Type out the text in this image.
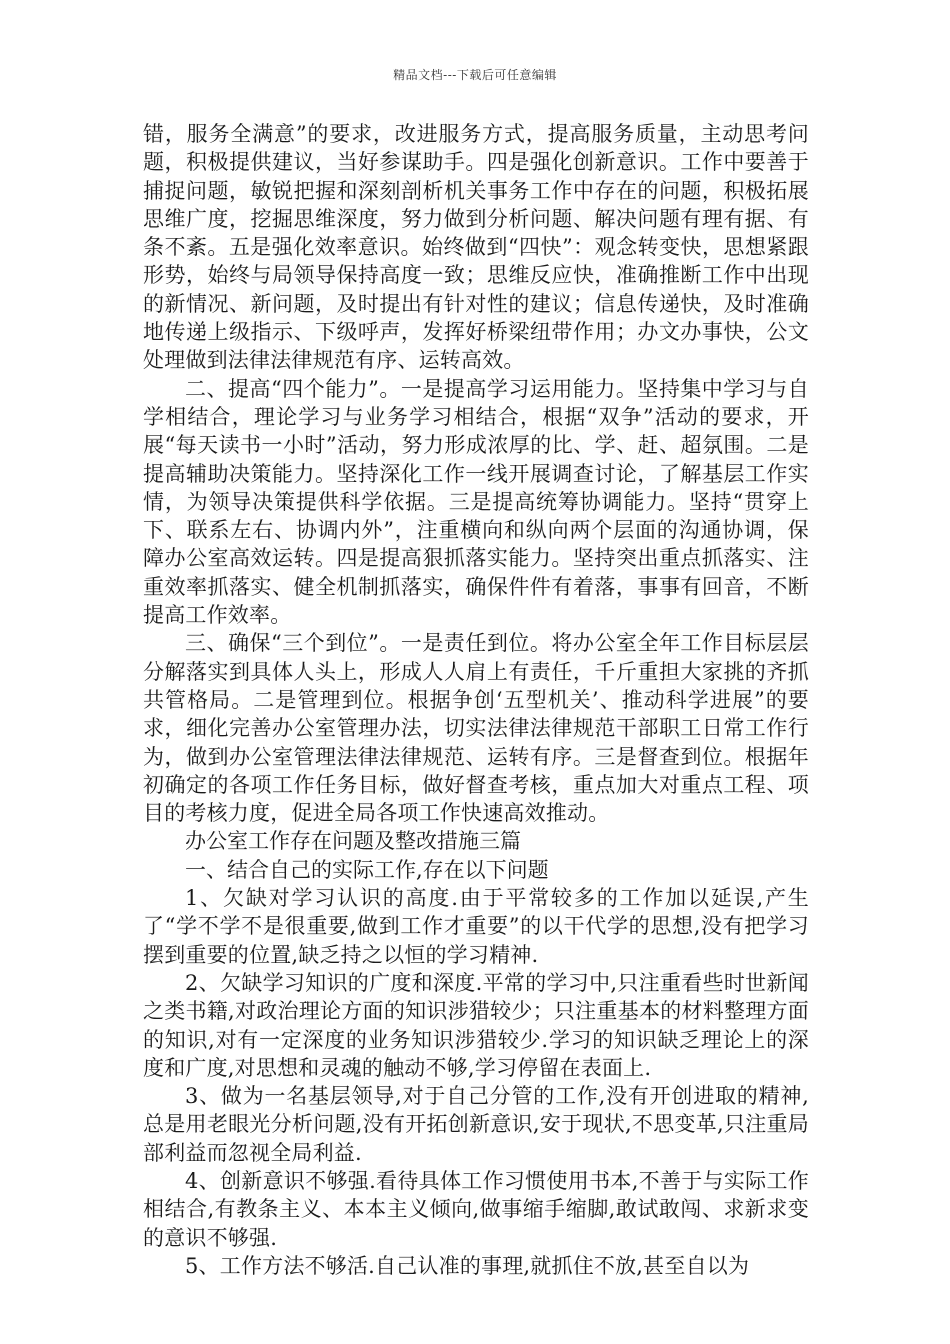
精品文档---下载后可任意编辑

错，服务全满意”的要求，改进服务方式，提高服务质量，主动思考问题，积极提供建议，当好参谋助手。四是强化创新意识。工作中要善于捕捉问题，敏锐把握和深刻剖析机关事务工作中存在的问题，积极拓展思维广度，挖掘思维深度，努力做到分析问题、解决问题有理有据、有条不紊。五是强化效率意识。始终做到“四快”：观念转变快，思想紧跟形势，始终与局领导保持高度一致；思维反应快，准确推断工作中出现的新情况、新问题，及时提出有针对性的建议；信息传递快，及时准确地传递上级指示、下级呼声，发挥好桥梁纽带作用；办文办事快，公文处理做到法律法律规范有序、运转高效。

二、提高“四个能力”。一是提高学习运用能力。坚持集中学习与自学相结合，理论学习与业务学习相结合，根据“双争”活动的要求，开展“每天读书一小时”活动，努力形成浓厚的比、学、赶、超氛围。二是提高辅助决策能力。坚持深化工作一线开展调查讨论，了解基层工作实情，为领导决策提供科学依据。三是提高统筹协调能力。坚持“贯穿上下、联系左右、协调内外”，注重横向和纵向两个层面的沟通协调，保障办公室高效运转。四是提高狠抓落实能力。坚持突出重点抓落实、注重效率抓落实、健全机制抓落实，确保件件有着落，事事有回音，不断提高工作效率。

三、确保“三个到位”。一是责任到位。将办公室全年工作目标层层分解落实到具体人头上，形成人人肩上有责任，千斤重担大家挑的齐抓共管格局。二是管理到位。根据争创‘五型机关’、推动科学进展”的要求，细化完善办公室管理办法，切实法律法律规范干部职工日常工作行为，做到办公室管理法律法律规范、运转有序。三是督查到位。根据年初确定的各项工作任务目标，做好督查考核，重点加大对重点工程、项目的考核力度，促进全局各项工作快速高效推动。

办公室工作存在问题及整改措施三篇

一、结合自己的实际工作,存在以下问题

1、欠缺对学习认识的高度.由于平常较多的工作加以延误,产生了“学不学不是很重要,做到工作才重要”的以干代学的思想,没有把学习摆到重要的位置,缺乏持之以恒的学习精神.

2、欠缺学习知识的广度和深度.平常的学习中,只注重看些时世新闻之类书籍,对政治理论方面的知识涉猎较少；只注重基本的材料整理方面的知识,对有一定深度的业务知识涉猎较少.学习的知识缺乏理论上的深度和广度,对思想和灵魂的触动不够,学习停留在表面上.

3、做为一名基层领导,对于自己分管的工作,没有开创进取的精神,总是用老眼光分析问题,没有开拓创新意识,安于现状,不思变革,只注重局部利益而忽视全局利益.

4、创新意识不够强.看待具体工作习惯使用书本,不善于与实际工作相结合,有教条主义、本本主义倾向,做事缩手缩脚,敢试敢闯、求新求变的意识不够强.

5、工作方法不够活.自己认准的事理,就抓住不放,甚至自以为
